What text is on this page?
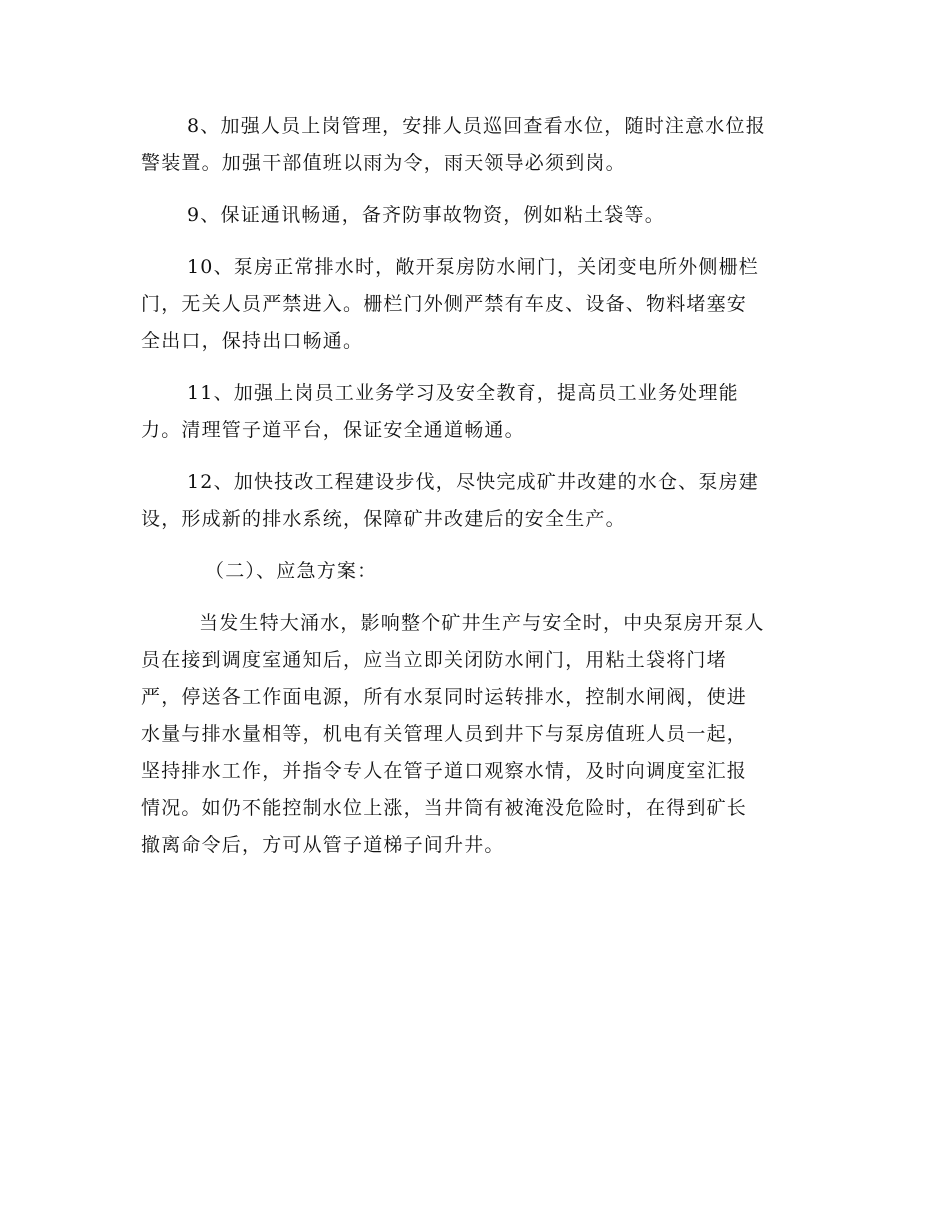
8、加强人员上岗管理，安排人员巡回查看水位，随时注意水位报
警装置。加强干部值班以雨为令，雨天领导必须到岗。

9、保证通讯畅通，备齐防事故物资，例如粘土袋等。

10、泵房正常排水时，敞开泵房防水闸门，关闭变电所外侧栅栏
门，无关人员严禁进入。栅栏门外侧严禁有车皮、设备、物料堵塞安
全出口，保持出口畅通。

11、加强上岗员工业务学习及安全教育，提高员工业务处理能
力。清理管子道平台，保证安全通道畅通。

12、加快技改工程建设步伐，尽快完成矿井改建的水仓、泵房建
设，形成新的排水系统，保障矿井改建后的安全生产。

（二）、应急方案：

当发生特大涌水，影响整个矿井生产与安全时，中央泵房开泵人
员在接到调度室通知后，应当立即关闭防水闸门，用粘土袋将门堵
严，停送各工作面电源，所有水泵同时运转排水，控制水闸阀，使进
水量与排水量相等，机电有关管理人员到井下与泵房值班人员一起，
坚持排水工作，并指令专人在管子道口观察水情，及时向调度室汇报
情况。如仍不能控制水位上涨，当井筒有被淹没危险时，在得到矿长
撤离命令后，方可从管子道梯子间升井。
